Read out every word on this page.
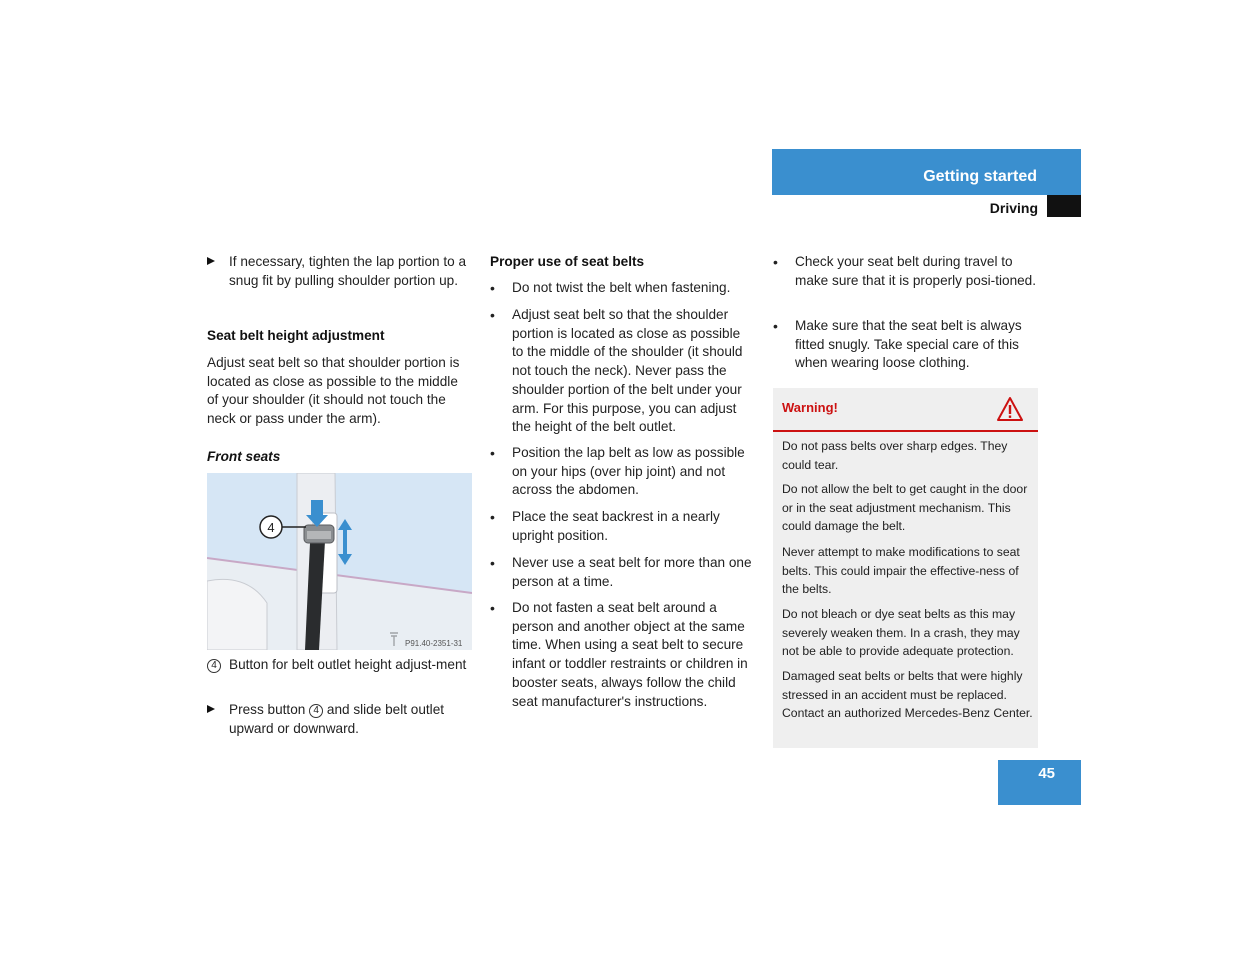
Getting started
Driving
If necessary, tighten the lap portion to a snug fit by pulling shoulder portion up.
Seat belt height adjustment
Adjust seat belt so that shoulder portion is located as close as possible to the middle of your shoulder (it should not touch the neck or pass under the arm).
Front seats
4
P91.40-2351-31
4 Button for belt outlet height adjust-ment
Press button 4 and slide belt outlet upward or downward.
Proper use of seat belts
• Do not twist the belt when fastening.
• Adjust seat belt so that the shoulder portion is located as close as possible to the middle of the shoulder (it should not touch the neck). Never pass the shoulder portion of the belt under your arm. For this purpose, you can adjust the height of the belt outlet.
• Position the lap belt as low as possible on your hips (over hip joint) and not across the abdomen.
• Place the seat backrest in a nearly upright position.
• Never use a seat belt for more than one person at a time.
• Do not fasten a seat belt around a person and another object at the same time. When using a seat belt to secure infant or toddler restraints or children in booster seats, always follow the child seat manufacturer's instructions.
• Check your seat belt during travel to make sure that it is properly posi-tioned.
• Make sure that the seat belt is always fitted snugly. Take special care of this when wearing loose clothing.
Warning!
Do not pass belts over sharp edges. They could tear.
Do not allow the belt to get caught in the door or in the seat adjustment mechanism. This could damage the belt.
Never attempt to make modifications to seat belts. This could impair the effective-ness of the belts.
Do not bleach or dye seat belts as this may severely weaken them. In a crash, they may not be able to provide adequate protection.
Damaged seat belts or belts that were highly stressed in an accident must be replaced. Contact an authorized Mercedes-Benz Center.
45
